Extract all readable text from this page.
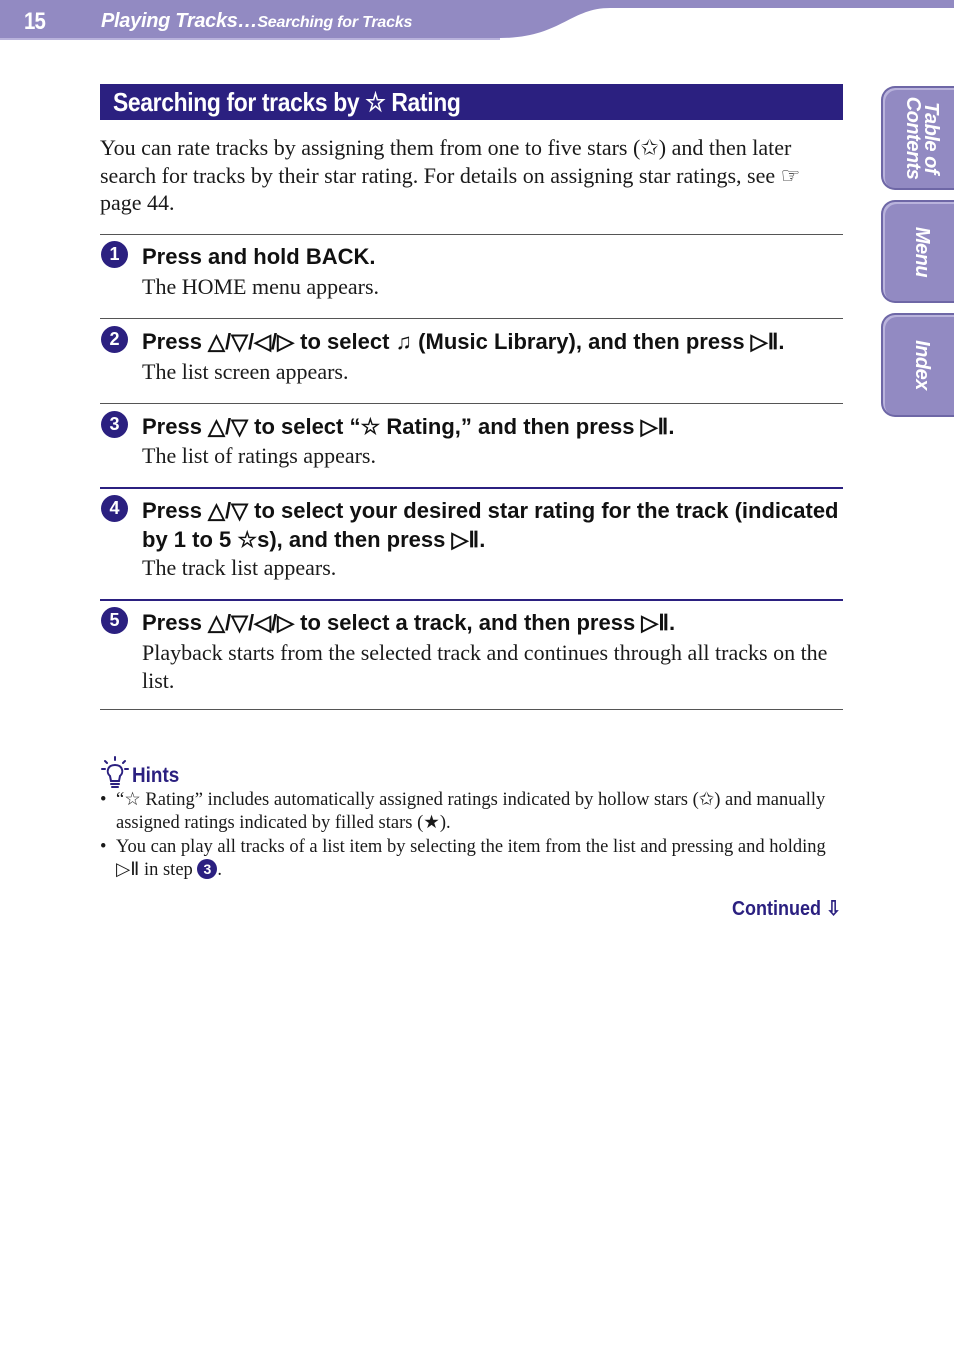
15	Playing Tracks…Searching for Tracks
Table of
Contents
Menu
Index
Searching for tracks by ☆ Rating

You can rate tracks by assigning them from one to five stars (✩) and then later search for tracks by their star rating. For details on assigning star ratings, see ☞ page 44.

1	Press and hold BACK.
The HOME menu appears.
2	Press △/▽/◁/▷ to select ♫ (Music Library), and then press ▷Ⅱ.
The list screen appears.
3	Press △/▽ to select “☆ Rating,” and then press ▷Ⅱ.
The list of ratings appears.
4	Press △/▽ to select your desired star rating for the track (indicated by 1 to 5 ☆s), and then press ▷Ⅱ.
The track list appears.
5	Press △/▽/◁/▷ to select a track, and then press ▷Ⅱ.
Playback starts from the selected track and continues through all tracks on the list.
Hints
• “☆ Rating” includes automatically assigned ratings indicated by hollow stars (✩) and manually assigned ratings indicated by filled stars (★).
• You can play all tracks of a list item by selecting the item from the list and pressing and holding ▷Ⅱ in step 3 .
Continued ⇩
